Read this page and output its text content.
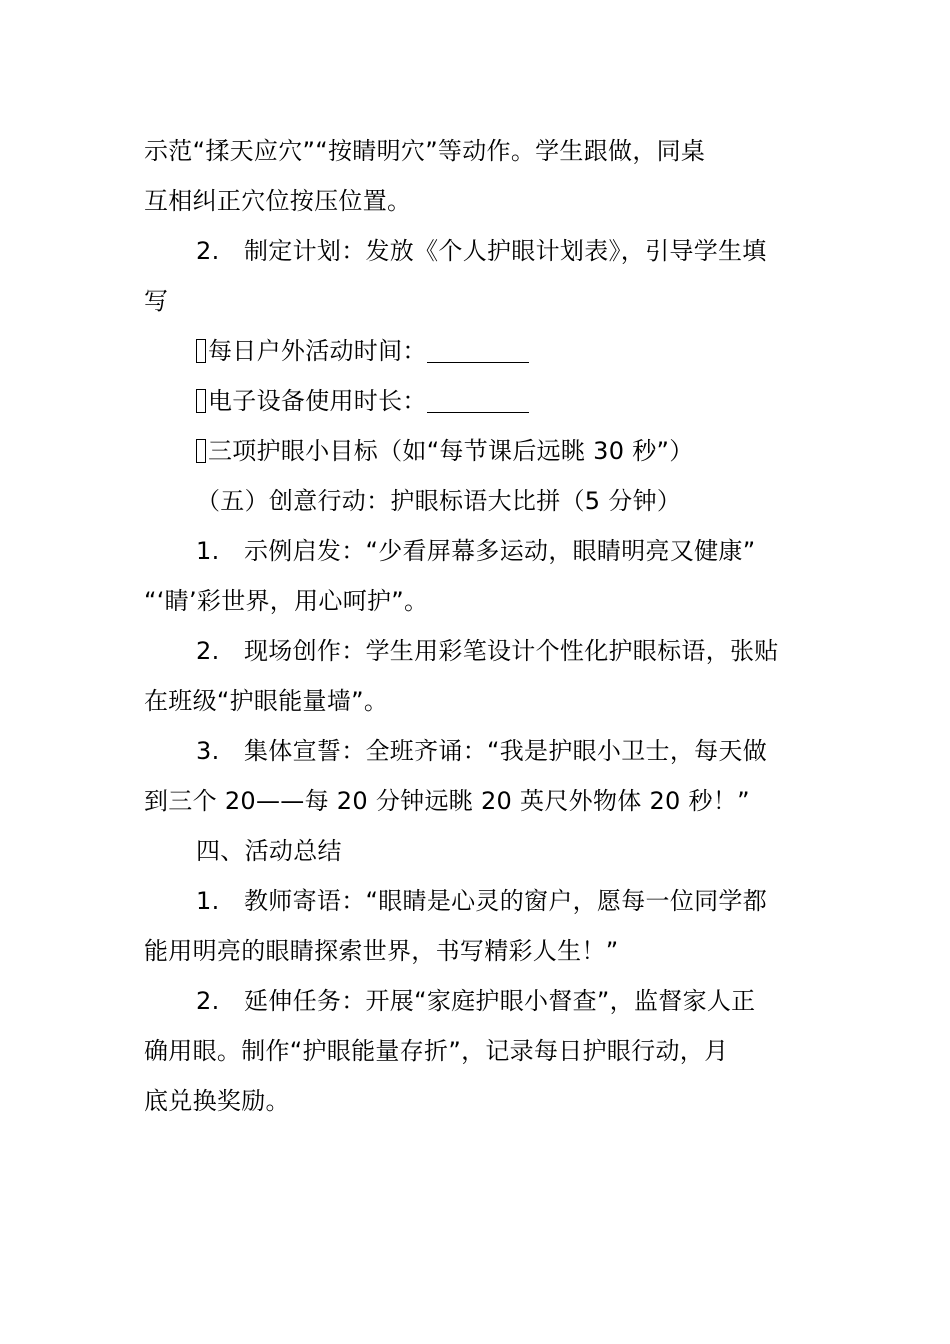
示范“揉天应穴”“按睛明穴”等动作。学生跟做，同桌
互相纠正穴位按压位置。
2. 制定计划：发放《个人护眼计划表》，引导学生填
写
每日户外活动时间：
电子设备使用时长：
三项护眼小目标（如“每节课后远眺 30 秒”）
（五）创意行动：护眼标语大比拼（5 分钟）
1. 示例启发：“少看屏幕多运动，眼睛明亮又健康”
“‘睛’彩世界，用心呵护”。
2. 现场创作：学生用彩笔设计个性化护眼标语，张贴
在班级“护眼能量墙”。
3. 集体宣誓：全班齐诵：“我是护眼小卫士，每天做
到三个 20——每 20 分钟远眺 20 英尺外物体 20 秒！”
四、活动总结
1. 教师寄语：“眼睛是心灵的窗户，愿每一位同学都
能用明亮的眼睛探索世界，书写精彩人生！”
2. 延伸任务：开展“家庭护眼小督查”，监督家人正
确用眼。制作“护眼能量存折”，记录每日护眼行动，月
底兑换奖励。
